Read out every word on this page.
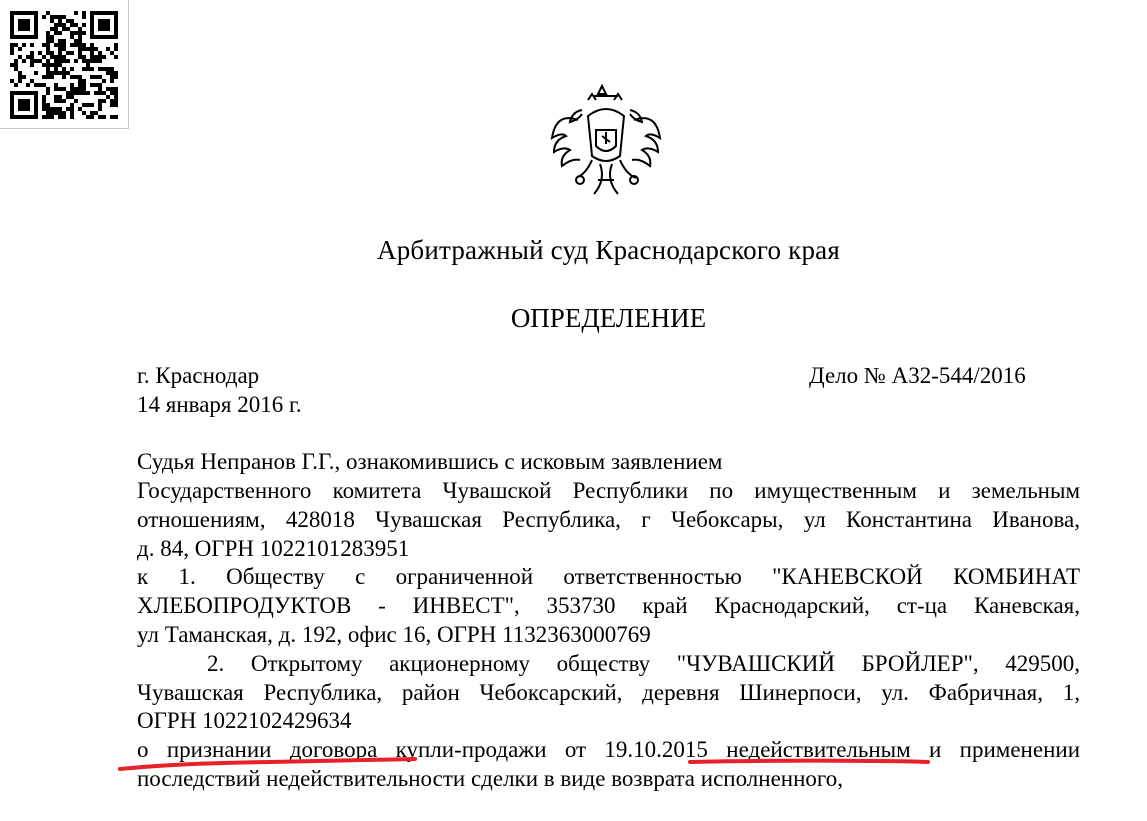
Арбитражный суд Краснодарского края
ОПРЕДЕЛЕНИЕ
г. Краснодар	Дело № А32-544/2016
14 января 2016 г.
Судья Непранов Г.Г., ознакомившись с исковым заявлением
Государственного комитета Чувашской Республики по имущественным и земельным
отношениям, 428018 Чувашская Республика, г Чебоксары, ул Константина Иванова,
д. 84, ОГРН 1022101283951
к 1. Обществу с ограниченной ответственностью "КАНЕВСКОЙ КОМБИНАТ
ХЛЕБОПРОДУКТОВ - ИНВЕСТ", 353730 край Краснодарский, ст-ца Каневская,
ул Таманская, д. 192, офис 16, ОГРН 1132363000769
2. Открытому акционерному обществу "ЧУВАШСКИЙ БРОЙЛЕР", 429500,
Чувашская Республика, район Чебоксарский, деревня Шинерпоси, ул. Фабричная, 1,
ОГРН 1022102429634
о признании договора купли-продажи от 19.10.2015 недействительным и применении
последствий недействительности сделки в виде возврата исполненного,
